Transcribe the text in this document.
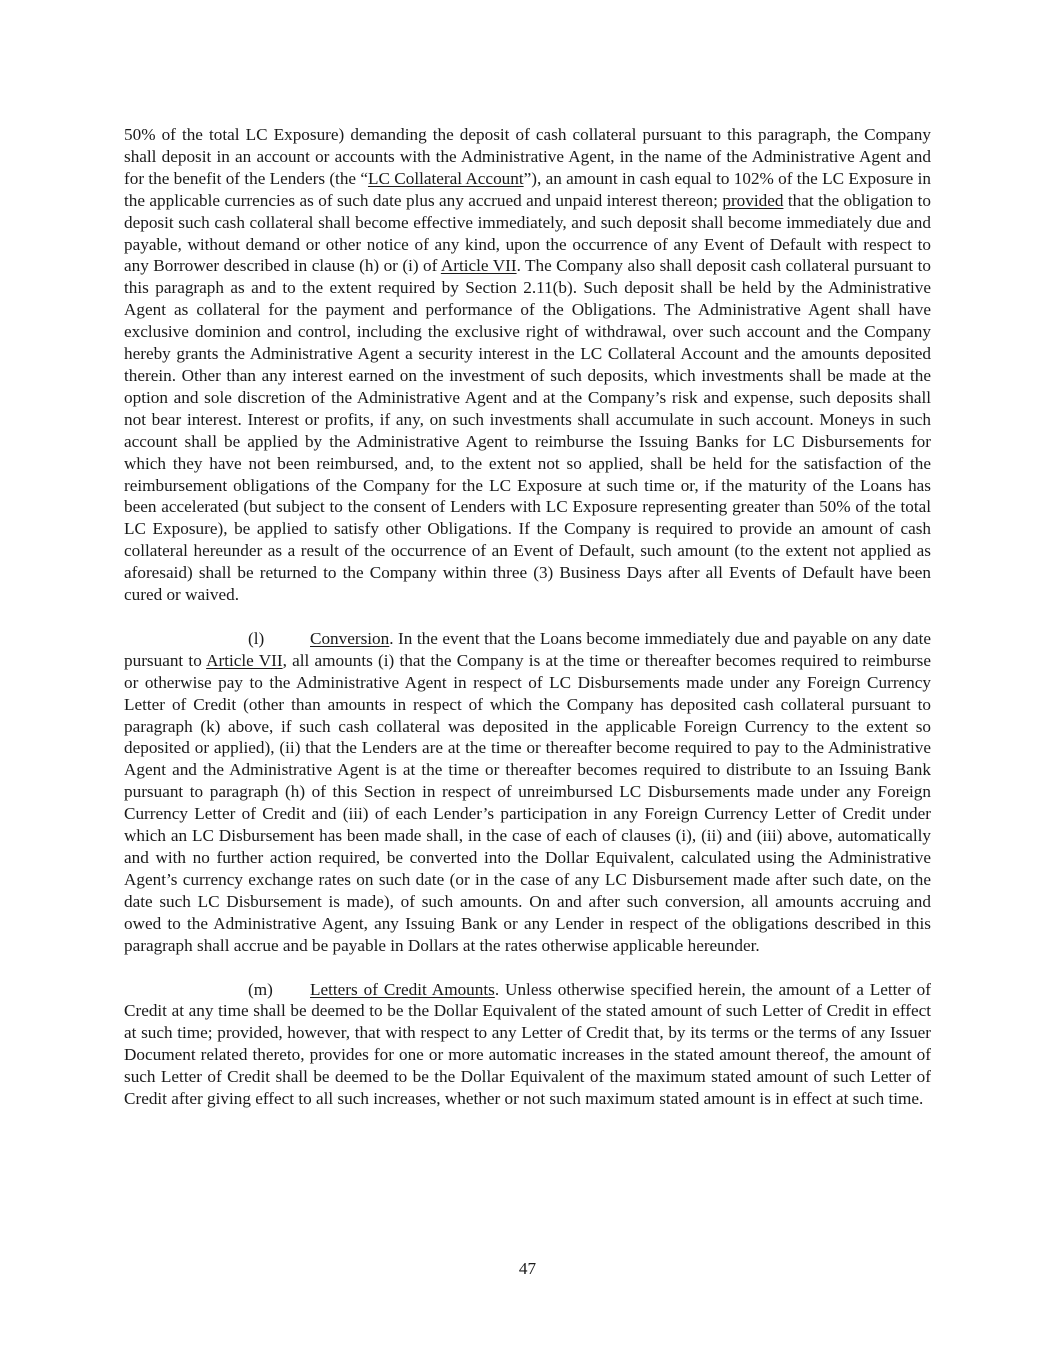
50% of the total LC Exposure) demanding the deposit of cash collateral pursuant to this paragraph, the Company shall deposit in an account or accounts with the Administrative Agent, in the name of the Administrative Agent and for the benefit of the Lenders (the “LC Collateral Account”), an amount in cash equal to 102% of the LC Exposure in the applicable currencies as of such date plus any accrued and unpaid interest thereon; provided that the obligation to deposit such cash collateral shall become effective immediately, and such deposit shall become immediately due and payable, without demand or other notice of any kind, upon the occurrence of any Event of Default with respect to any Borrower described in clause (h) or (i) of Article VII. The Company also shall deposit cash collateral pursuant to this paragraph as and to the extent required by Section 2.11(b). Such deposit shall be held by the Administrative Agent as collateral for the payment and performance of the Obligations. The Administrative Agent shall have exclusive dominion and control, including the exclusive right of withdrawal, over such account and the Company hereby grants the Administrative Agent a security interest in the LC Collateral Account and the amounts deposited therein. Other than any interest earned on the investment of such deposits, which investments shall be made at the option and sole discretion of the Administrative Agent and at the Company’s risk and expense, such deposits shall not bear interest. Interest or profits, if any, on such investments shall accumulate in such account. Moneys in such account shall be applied by the Administrative Agent to reimburse the Issuing Banks for LC Disbursements for which they have not been reimbursed, and, to the extent not so applied, shall be held for the satisfaction of the reimbursement obligations of the Company for the LC Exposure at such time or, if the maturity of the Loans has been accelerated (but subject to the consent of Lenders with LC Exposure representing greater than 50% of the total LC Exposure), be applied to satisfy other Obligations. If the Company is required to provide an amount of cash collateral hereunder as a result of the occurrence of an Event of Default, such amount (to the extent not applied as aforesaid) shall be returned to the Company within three (3) Business Days after all Events of Default have been cured or waived.

(l)	Conversion. In the event that the Loans become immediately due and payable on any date pursuant to Article VII, all amounts (i) that the Company is at the time or thereafter becomes required to reimburse or otherwise pay to the Administrative Agent in respect of LC Disbursements made under any Foreign Currency Letter of Credit (other than amounts in respect of which the Company has deposited cash collateral pursuant to paragraph (k) above, if such cash collateral was deposited in the applicable Foreign Currency to the extent so deposited or applied), (ii) that the Lenders are at the time or thereafter become required to pay to the Administrative Agent and the Administrative Agent is at the time or thereafter becomes required to distribute to an Issuing Bank pursuant to paragraph (h) of this Section in respect of unreimbursed LC Disbursements made under any Foreign Currency Letter of Credit and (iii) of each Lender’s participation in any Foreign Currency Letter of Credit under which an LC Disbursement has been made shall, in the case of each of clauses (i), (ii) and (iii) above, automatically and with no further action required, be converted into the Dollar Equivalent, calculated using the Administrative Agent’s currency exchange rates on such date (or in the case of any LC Disbursement made after such date, on the date such LC Disbursement is made), of such amounts. On and after such conversion, all amounts accruing and owed to the Administrative Agent, any Issuing Bank or any Lender in respect of the obligations described in this paragraph shall accrue and be payable in Dollars at the rates otherwise applicable hereunder.

(m) Letters of Credit Amounts. Unless otherwise specified herein, the amount of a Letter of Credit at any time shall be deemed to be the Dollar Equivalent of the stated amount of such Letter of Credit in effect at such time; provided, however, that with respect to any Letter of Credit that, by its terms or the terms of any Issuer Document related thereto, provides for one or more automatic increases in the stated amount thereof, the amount of such Letter of Credit shall be deemed to be the Dollar Equivalent of the maximum stated amount of such Letter of Credit after giving effect to all such increases, whether or not such maximum stated amount is in effect at such time.

47
